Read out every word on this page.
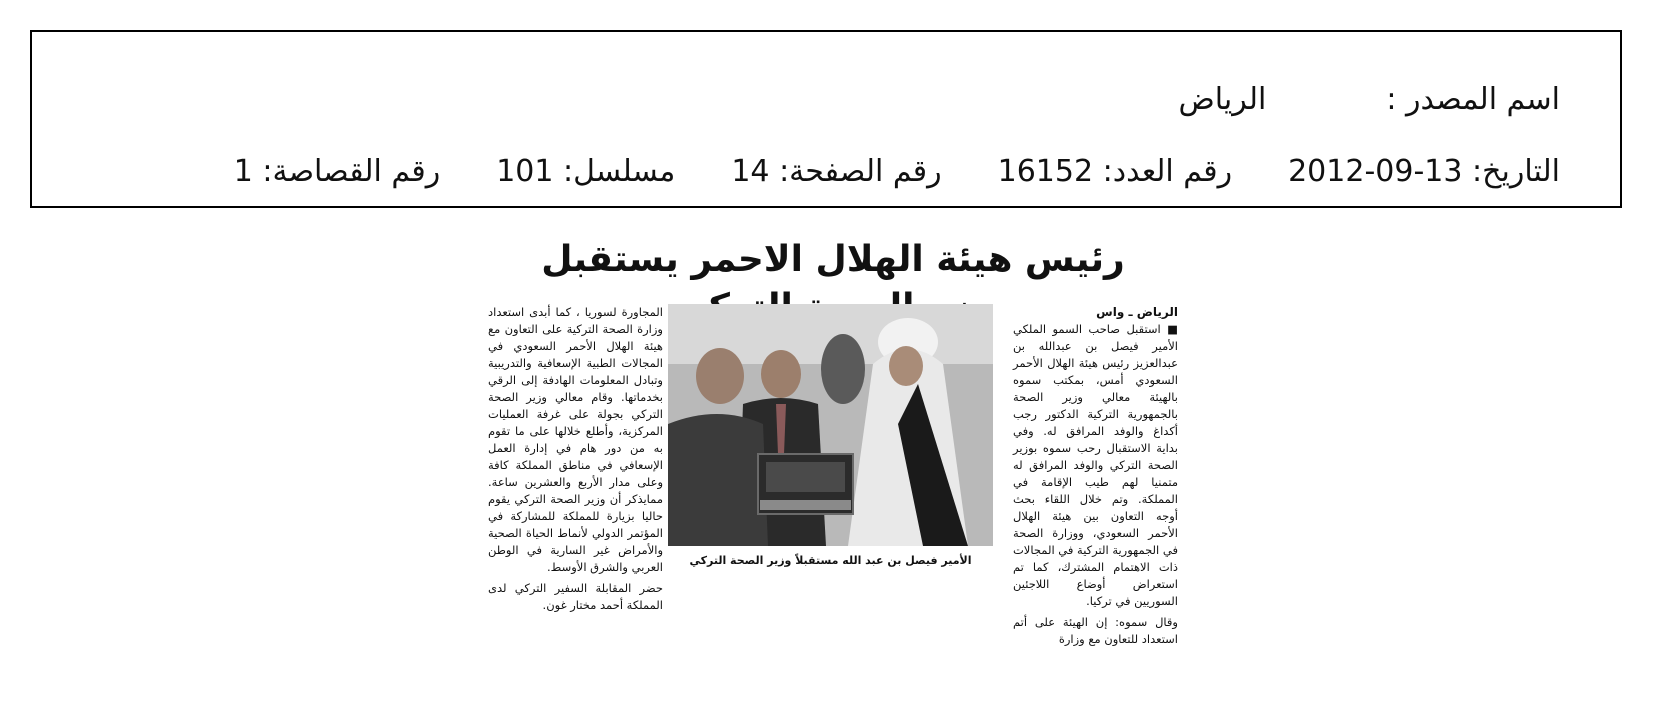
اسم المصدر :
الرياض
التاريخ: 13-09-2012
رقم العدد: 16152
رقم الصفحة: 14
مسلسل: 101
رقم القصاصة: 1
رئيس هيئة الهلال الاحمر يستقبل
الرياض ـ واس

■ استقبل صاحب السمو الملكي الأمير فيصل بن عبدالله بن عبدالعزيز رئيس هيئة الهلال الأحمر السعودي أمس، بمكتب سموه بالهيئة معالي وزير الصحة بالجمهورية التركية الدكتور رجب أكداغ والوفد المرافق له. وفي بداية الاستقبال رحب سموه بوزير الصحة التركي والوفد المرافق له متمنيا لهم طيب الإقامة في المملكة. وتم خلال اللقاء بحث أوجه التعاون بين هيئة الهلال الأحمر السعودي، ووزارة الصحة في الجمهورية التركية في المجالات ذات الاهتمام المشترك، كما تم استعراض أوضاع اللاجئين السوريين في تركيا.

وقال سموه: إن الهيئة على أتم استعداد للتعاون مع وزارة

الأمير فيصل بن عبد الله مستقبلاً وزير الصحة التركي

المجاورة لسوريا ، كما أبدى استعداد وزارة الصحة التركية على التعاون مع هيئة الهلال الأحمر السعودي في المجالات الطبية الإسعافية والتدريبية وتبادل المعلومات الهادفة إلى الرقي بخدماتها. وقام معالي وزير الصحة التركي بجولة على غرفة العمليات المركزية، وأطلع خلالها على ما تقوم به من دور هام في إدارة العمل الإسعافي في مناطق المملكة كافة وعلى مدار الأربع والعشرين ساعة. ممايذكر أن وزير الصحة التركي يقوم حاليا بزيارة للمملكة للمشاركة في المؤتمر الدولي لأنماط الحياة الصحية والأمراض غير السارية في الوطن العربي والشرق الأوسط.

حضر المقابلة السفير التركي لدى المملكة أحمد مختار غون.
